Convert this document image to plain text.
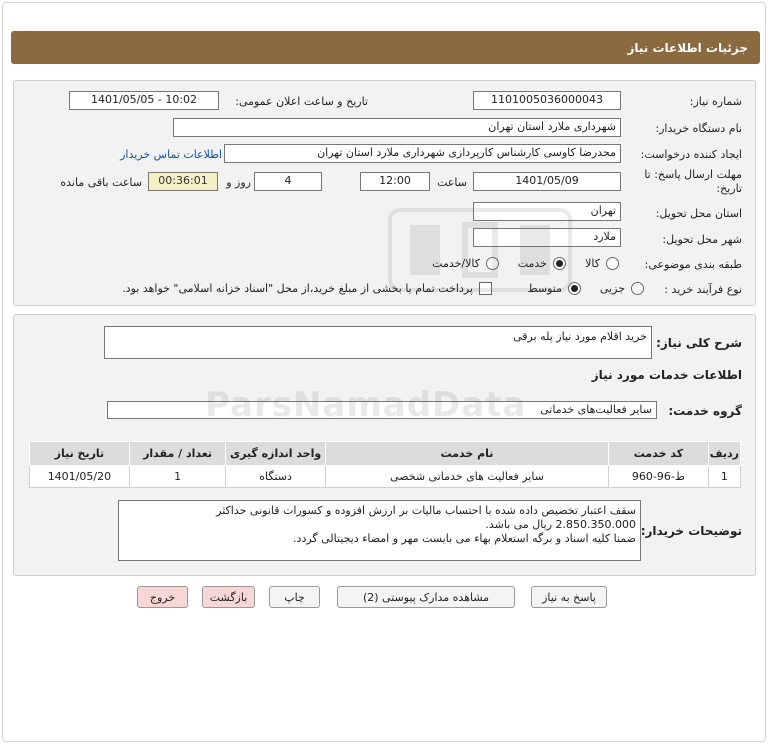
جزئیات اطلاعات نیاز
شماره نیاز:
1101005036000043
تاریخ و ساعت اعلان عمومی:
1401/05/05 - 10:02
نام دستگاه خریدار:
شهرداری ملارد استان تهران
ایجاد کننده درخواست:
مجدرضا کاوسی کارشناس کارپردازی شهرداری ملارد استان تهران
اطلاعات تماس خریدار
مهلت ارسال پاسخ: تا
تاریخ:
1401/05/09
ساعت
12:00
4
روز و
00:36:01
ساعت باقی مانده
استان محل تحویل:
تهران
شهر محل تحویل:
ملارد
طبقه بندی موضوعی:
کالا
خدمت
کالا/خدمت
نوع فرآیند خرید :
جزیی
متوسط
پرداخت تمام یا بخشی از مبلغ خرید،از محل "اسناد خزانه اسلامی" خواهد بود.
شرح کلی نیاز:
خرید اقلام مورد نیاز پله برقی
اطلاعات خدمات مورد نیاز
گروه خدمت:
سایر فعالیت‌های خدماتی
ردیف	کد خدمت	نام خدمت	واحد اندازه گیری	تعداد / مقدار	تاریخ نیاز
1	ط-96-960	سایر فعالیت های خدماتی شخصی	دستگاه	1	1401/05/20
توضیحات خریدار:
سقف اعتبار تخصیص داده شده با احتساب مالیات بر ارزش افزوده و کسورات قانونی حداکثر
2.850.350.000 ریال می باشد.
ضمنا کلیه اسناد و برگه استعلام بهاء می بایست مهر و امضاء دیجیتالی گردد.
پاسخ به نیاز
مشاهده مدارک پیوستی (2)
چاپ
بازگشت
خروج
